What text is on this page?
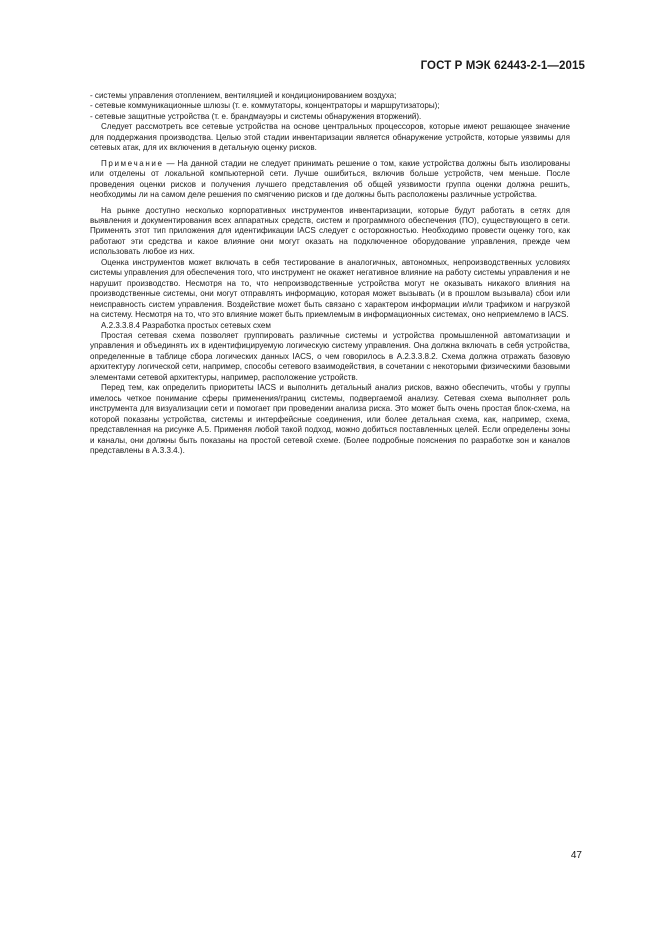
ГОСТ Р МЭК 62443-2-1—2015

- системы управления отоплением, вентиляцией и кондиционированием воздуха;

- сетевые коммуникационные шлюзы (т. е. коммутаторы, концентраторы и маршрутизаторы);

- сетевые защитные устройства (т. е. брандмауэры и системы обнаружения вторжений).

Следует рассмотреть все сетевые устройства на основе центральных процессоров, которые имеют решающее значение для поддержания производства. Целью этой стадии инвентаризации является обнаружение устройств, которые уязвимы для сетевых атак, для их включения в детальную оценку рисков.

Примечание — На данной стадии не следует принимать решение о том, какие устройства должны быть изолированы или отделены от локальной компьютерной сети. Лучше ошибиться, включив больше устройств, чем меньше. После проведения оценки рисков и получения лучшего представления об общей уязвимости группа оценки должна решить, необходимы ли на самом деле решения по смягчению рисков и где должны быть расположены различные устройства.

На рынке доступно несколько корпоративных инструментов инвентаризации, которые будут работать в сетях для выявления и документирования всех аппаратных средств, систем и программного обеспечения (ПО), существующего в сети. Применять этот тип приложения для идентификации IACS следует с осторожностью. Необходимо провести оценку того, как работают эти средства и какое влияние они могут оказать на подключенное оборудование управления, прежде чем использовать любое из них.

Оценка инструментов может включать в себя тестирование в аналогичных, автономных, непроизводственных условиях системы управления для обеспечения того, что инструмент не окажет негативное влияние на работу системы управления и не нарушит производство. Несмотря на то, что непроизводственные устройства могут не оказывать никакого влияния на производственные системы, они могут отправлять информацию, которая может вызывать (и в прошлом вызывала) сбои или неисправность систем управления. Воздействие может быть связано с характером информации и/или трафиком и нагрузкой на систему. Несмотря на то, что это влияние может быть приемлемым в информационных системах, оно неприемлемо в IACS.

А.2.3.3.8.4 Разработка простых сетевых схем

Простая сетевая схема позволяет группировать различные системы и устройства промышленной автоматизации и управления и объединять их в идентифицируемую логическую систему управления. Она должна включать в себя устройства, определенные в таблице сбора логических данных IACS, о чем говорилось в А.2.3.3.8.2. Схема должна отражать базовую архитектуру логической сети, например, способы сетевого взаимодействия, в сочетании с некоторыми физическими базовыми элементами сетевой архитектуры, например, расположение устройств.

Перед тем, как определить приоритеты IACS и выполнить детальный анализ рисков, важно обеспечить, чтобы у группы имелось четкое понимание сферы применения/границ системы, подвергаемой анализу. Сетевая схема выполняет роль инструмента для визуализации сети и помогает при проведении анализа риска. Это может быть очень простая блок-схема, на которой показаны устройства, системы и интерфейсные соединения, или более детальная схема, как, например, схема, представленная на рисунке А.5. Применяя любой такой подход, можно добиться поставленных целей. Если определены зоны и каналы, они должны быть показаны на простой сетевой схеме. (Более подробные пояснения по разработке зон и каналов представлены в А.3.3.4.).

47
